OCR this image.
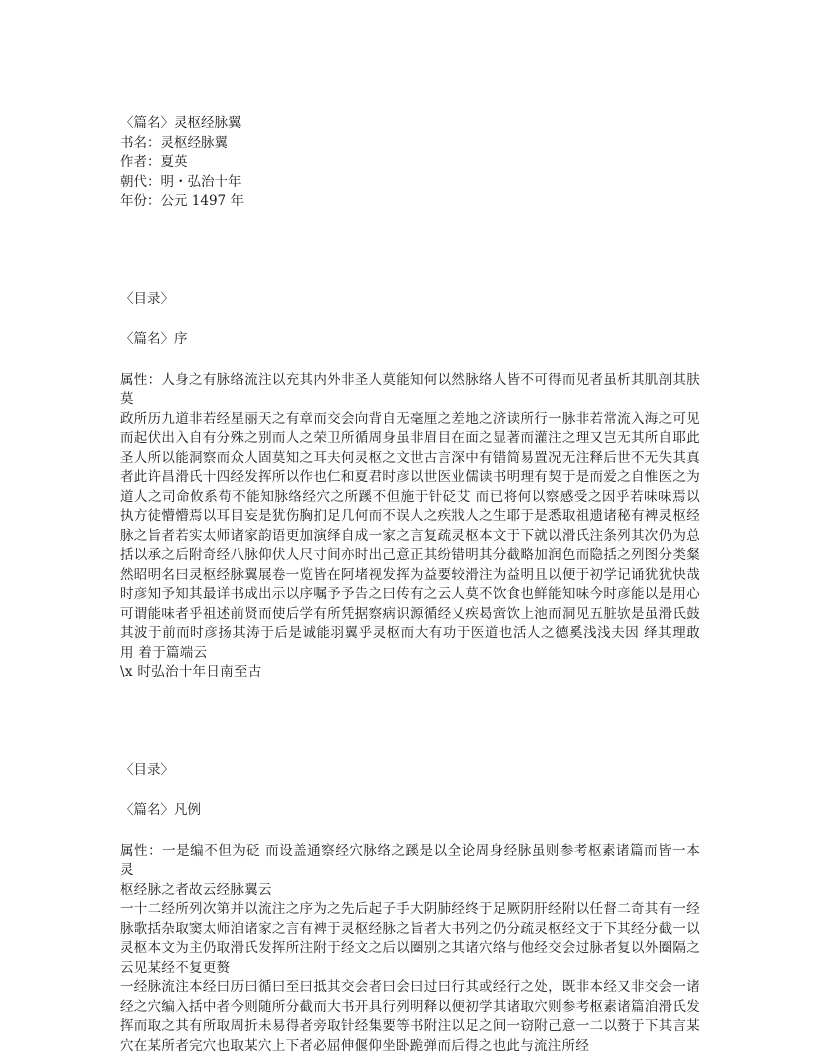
〈篇名〉灵枢经脉翼

书名：灵枢经脉翼

作者：夏英

朝代：明・弘治十年

年份：公元 1497 年

〈目录〉

〈篇名〉序

属性：人身之有脉络流注以充其内外非圣人莫能知何以然脉络人皆不可得而见者虽析其肌剖其肤莫

政所历九道非若经星丽天之有章而交会向背自无毫厘之差地之济读所行一脉非若常流入海之可见而起伏出入自有分殊之别而人之荣卫所循周身虽非眉目在面之显著而灌注之理又岂无其所自耶此圣人所以能洞察而众人固莫知之耳夫何灵枢之文世古言深中有错简易置况无注释后世不无失其真者此许昌滑氏十四经发挥所以作也仁和夏君时彦以世医业儒读书明理有契于是而爱之自惟医之为道人之司命攸系苟不能知脉络经穴之所蹊不但施于针砭艾 而已将何以察感受之因乎若味味焉以执方徒懵懵焉以耳目妄是犹伤胸扪足几何而不误人之疾戕人之生耶于是悉取祖遗诸秘有裨灵枢经脉之旨者若实太师诸家韵语更加演绎自成一家之言复疏灵枢本文于下就以滑氏注条列其次仍为总括以承之后附奇经八脉仰伏人尺寸间亦时出己意正其纷错明其分截略加润色而隐括之列图分类粲然昭明名曰灵枢经脉翼展卷一览皆在阿堵视发挥为益要较滑注为益明且以便于初学记诵犹犹快哉时彦知予知其最详书成出示以序嘱予予告之曰传有之云人莫不饮食也鲜能知味今时彦能以是用心可谓能味者乎祖述前贤而使后学有所凭据察病识源循经乂疾曷啻饮上池而洞见五脏欤是虽滑氏鼓其波于前而时彦扬其涛于后是诚能羽翼乎灵枢而大有功于医道也活人之德奚浅浅夫因 绎其理敢用 着于篇端云

\x 时弘治十年日南至古

〈目录〉

〈篇名〉凡例

属性：一是编不但为砭 而设盖通察经穴脉络之蹊是以全论周身经脉虽则参考枢素诸篇而皆一本灵

枢经脉之者故云经脉翼云

一十二经所列次第并以流注之序为之先后起子手大阴肺经终于足厥阴肝经附以任督二奇其有一经脉歌括杂取窦太师洎诸家之言有裨于灵枢经脉之旨者大书列之仍分疏灵枢经文于下其经分截一以灵枢本文为主仍取滑氏发挥所注附于经文之后以圈别之其诸穴络与他经交会过脉者复以外圈隔之云见某经不复更赘

一经脉流注本经曰历曰循曰至曰抵其交会者曰会曰过曰行其或经行之处，既非本经又非交会一诸经之穴编入括中者今则随所分截而大书开具行列明释以便初学其诸取穴则参考枢素诸篇洎滑氏发挥而取之其有所取周折未易得者旁取针经集要等书附注以足之间一窃附己意一二以赘于下其言某穴在某所者完穴也取某穴上下者必屈伸偃仰坐卧跪弹而后得之也此与流注所经
